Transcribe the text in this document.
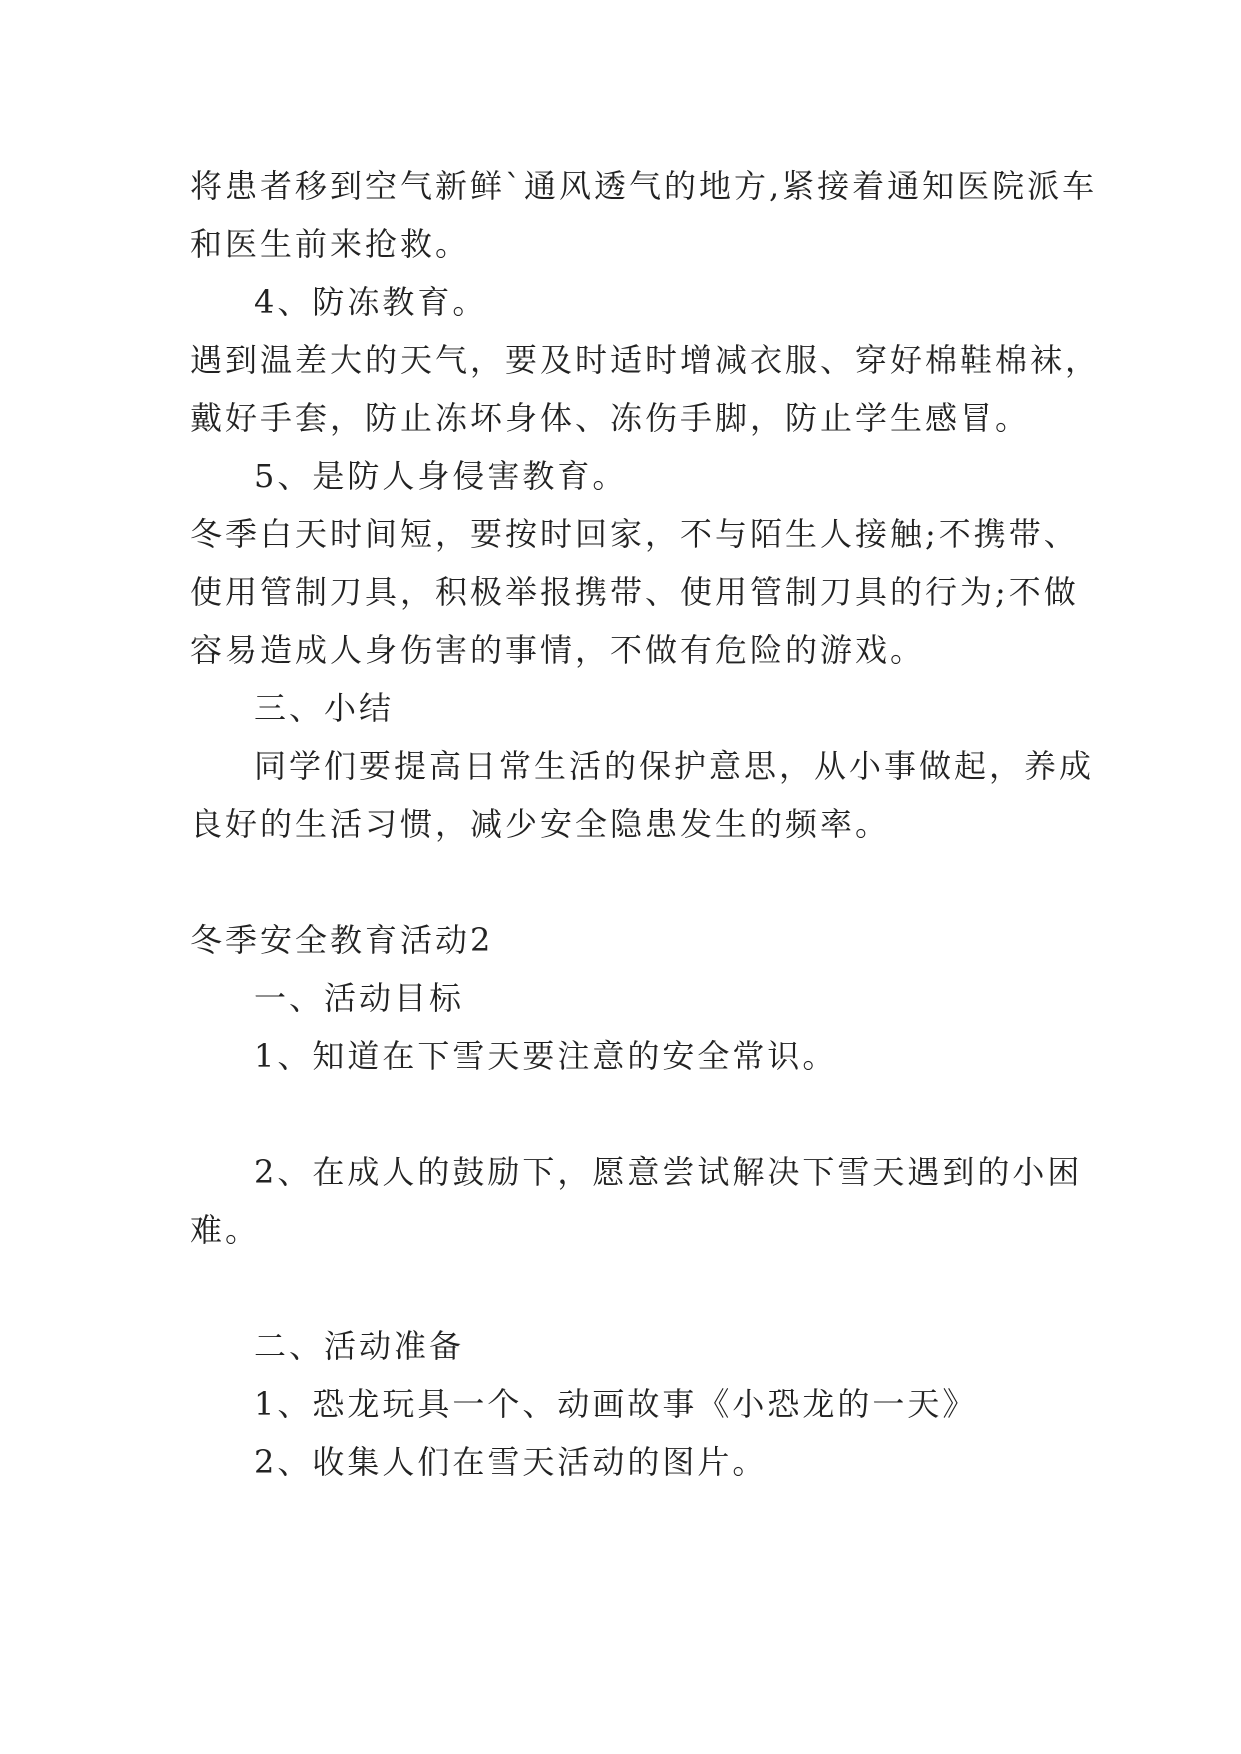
将患者移到空气新鲜`通风透气的地方,紧接着通知医院派车
和医生前来抢救。
4、防冻教育。
遇到温差大的天气，要及时适时增减衣服、穿好棉鞋棉袜，
戴好手套，防止冻坏身体、冻伤手脚，防止学生感冒。
5、是防人身侵害教育。
冬季白天时间短，要按时回家，不与陌生人接触;不携带、
使用管制刀具，积极举报携带、使用管制刀具的行为;不做
容易造成人身伤害的事情，不做有危险的游戏。
三、小结
同学们要提高日常生活的保护意思，从小事做起，养成
良好的生活习惯，减少安全隐患发生的频率。
冬季安全教育活动2
一、活动目标
1、知道在下雪天要注意的安全常识。
2、在成人的鼓励下，愿意尝试解决下雪天遇到的小困
难。
二、活动准备
1、恐龙玩具一个、动画故事《小恐龙的一天》
2、收集人们在雪天活动的图片。
